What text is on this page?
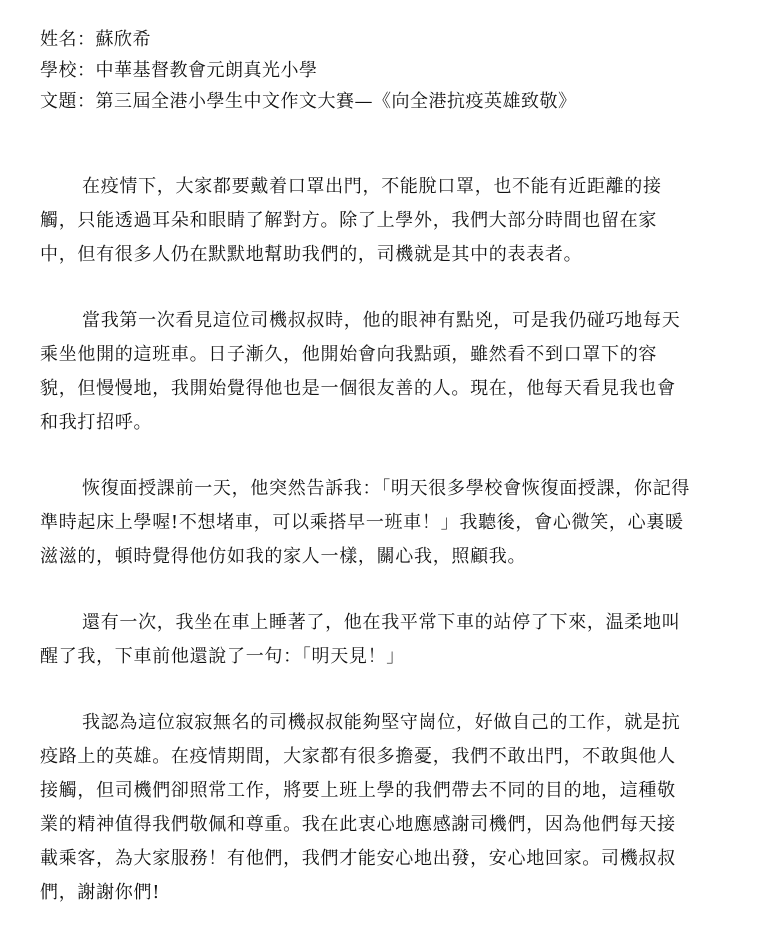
姓名：蘇欣希
學校：中華基督教會元朗真光小學
文題：第三屆全港小學生中文作文大賽—《向全港抗疫英雄致敬》
在疫情下，大家都要戴着口罩出門，不能脫口罩，也不能有近距離的接
觸，只能透過耳朵和眼睛了解對方。除了上學外，我們大部分時間也留在家
中，但有很多人仍在默默地幫助我們的，司機就是其中的表表者。
當我第一次看見這位司機叔叔時，他的眼神有點兇，可是我仍碰巧地每天
乘坐他開的這班車。日子漸久，他開始會向我點頭，雖然看不到口罩下的容
貌，但慢慢地，我開始覺得他也是一個很友善的人。現在，他每天看見我也會
和我打招呼。
恢復面授課前一天，他突然告訴我：「明天很多學校會恢復面授課，你記得
準時起床上學喔!不想堵車，可以乘搭早一班車！」我聽後，會心微笑，心裏暖
滋滋的，頓時覺得他仿如我的家人一樣，關心我，照顧我。
還有一次，我坐在車上睡著了，他在我平常下車的站停了下來，温柔地叫
醒了我，下車前他還說了一句：「明天見！」
我認為這位寂寂無名的司機叔叔能夠堅守崗位，好做自己的工作，就是抗
疫路上的英雄。在疫情期間，大家都有很多擔憂，我們不敢出門，不敢與他人
接觸，但司機們卻照常工作，將要上班上學的我們帶去不同的目的地，這種敬
業的精神值得我們敬佩和尊重。我在此衷心地應感謝司機們，因為他們每天接
載乘客，為大家服務！有他們，我們才能安心地出發，安心地回家。司機叔叔
們，謝謝你們!
